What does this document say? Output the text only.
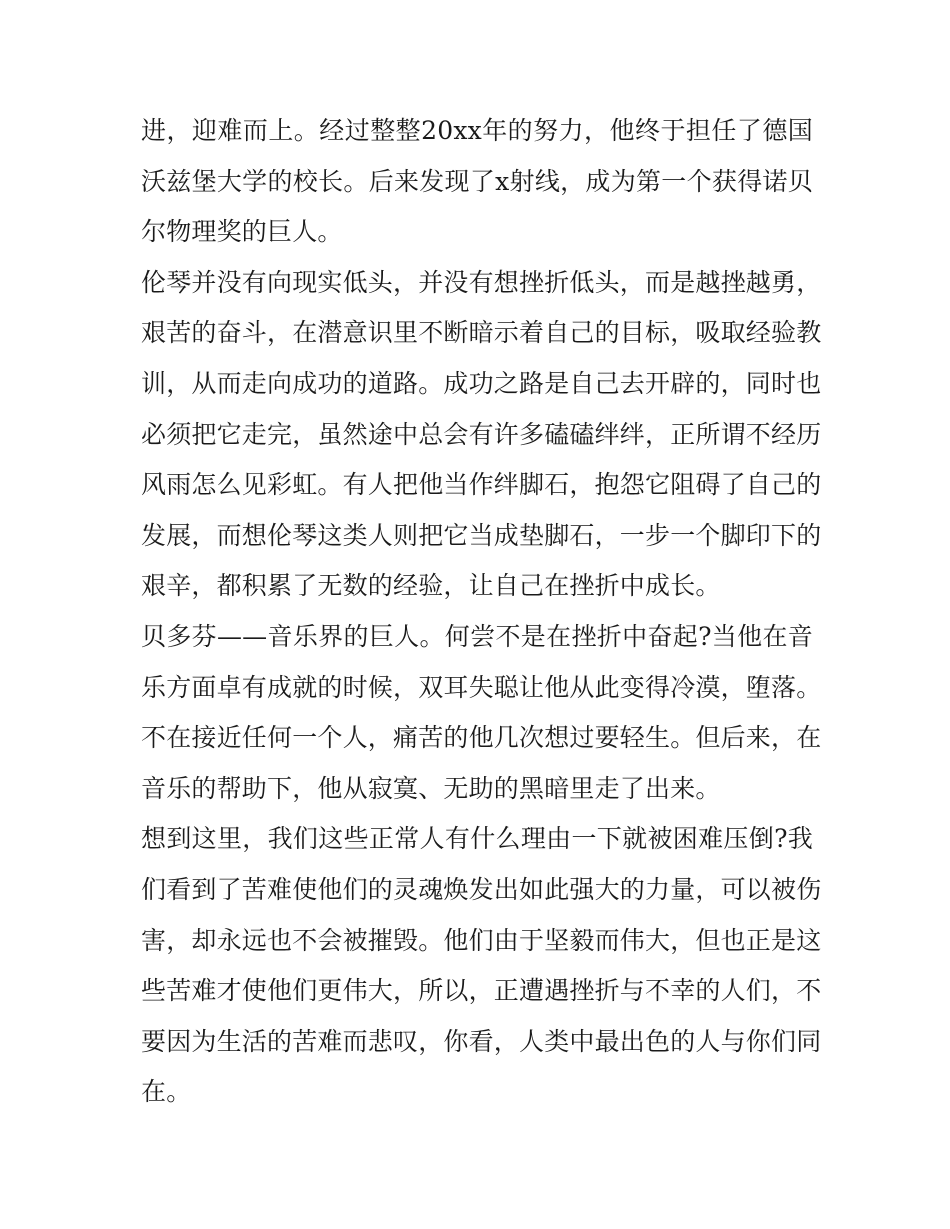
进，迎难而上。经过整整20xx年的努力，他终于担任了德国
沃兹堡大学的校长。后来发现了x射线，成为第一个获得诺贝
尔物理奖的巨人。
伦琴并没有向现实低头，并没有想挫折低头，而是越挫越勇，
艰苦的奋斗，在潜意识里不断暗示着自己的目标，吸取经验教
训，从而走向成功的道路。成功之路是自己去开辟的，同时也
必须把它走完，虽然途中总会有许多磕磕绊绊，正所谓不经历
风雨怎么见彩虹。有人把他当作绊脚石，抱怨它阻碍了自己的
发展，而想伦琴这类人则把它当成垫脚石，一步一个脚印下的
艰辛，都积累了无数的经验，让自己在挫折中成长。
贝多芬——音乐界的巨人。何尝不是在挫折中奋起?当他在音
乐方面卓有成就的时候，双耳失聪让他从此变得冷漠，堕落。
不在接近任何一个人，痛苦的他几次想过要轻生。但后来，在
音乐的帮助下，他从寂寞、无助的黑暗里走了出来。
想到这里，我们这些正常人有什么理由一下就被困难压倒?我
们看到了苦难使他们的灵魂焕发出如此强大的力量，可以被伤
害，却永远也不会被摧毁。他们由于坚毅而伟大，但也正是这
些苦难才使他们更伟大，所以，正遭遇挫折与不幸的人们，不
要因为生活的苦难而悲叹，你看，人类中最出色的人与你们同
在。
